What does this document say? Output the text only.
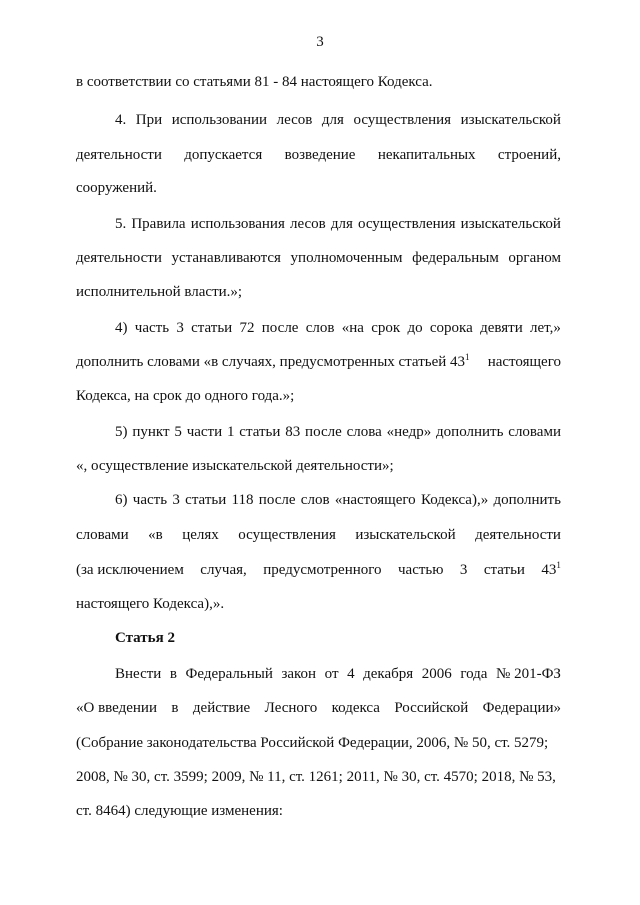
3
в соответствии со статьями 81 - 84 настоящего Кодекса.
4. При использовании лесов для осуществления изыскательской
деятельности допускается возведение некапитальных строений,
сооружений.
5. Правила использования лесов для осуществления изыскательской
деятельности устанавливаются уполномоченным федеральным органом
исполнительной власти.»;
4) часть 3 статьи 72 после слов «на срок до сорока девяти лет,»
дополнить словами «в случаях, предусмотренных статьей $43^1$ настоящего
Кодекса, на срок до одного года.»;
5) пункт 5 части 1 статьи 83 после слова «недр» дополнить словами
«, осуществление изыскательской деятельности»;
6) часть 3 статьи 118 после слов «настоящего Кодекса),» дополнить
словами «в целях осуществления изыскательской деятельности
(за исключением случая, предусмотренного частью 3 статьи $43^1$
настоящего Кодекса),».
Статья 2
Внести в Федеральный закон от 4 декабря 2006 года № 201-ФЗ
«О введении в действие Лесного кодекса Российской Федерации»
(Собрание законодательства Российской Федерации, 2006, № 50, ст. 5279;
2008, № 30, ст. 3599; 2009, № 11, ст. 1261; 2011, № 30, ст. 4570; 2018, № 53,
ст. 8464) следующие изменения:
